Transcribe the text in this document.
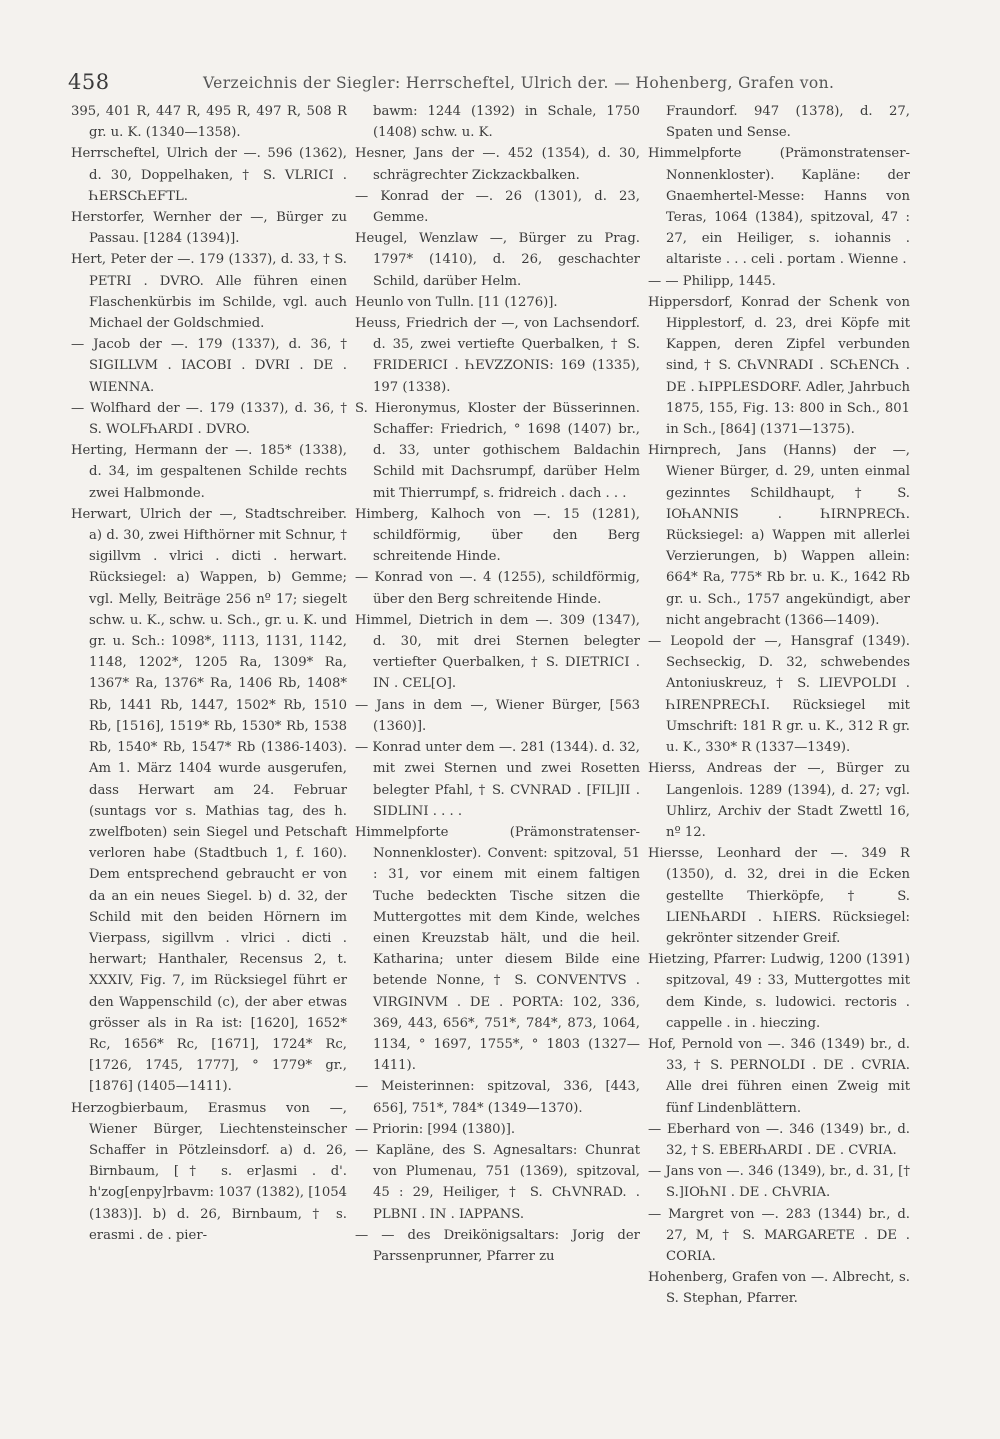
458	Verzeichnis der Siegler: Herrscheftel, Ulrich der. — Hohenberg, Grafen von.

395, 401 R, 447 R, 495 R, 497 R, 508 R gr. u. K. (1340—1358).

Herrscheftel, Ulrich der —. 596 (1362), d. 30, Doppelhaken, † S. VLRICI . ҺERSCҺEFTL.

Herstorfer, Wernher der —, Bürger zu Passau. [1284 (1394)].

Hert, Peter der —. 179 (1337), d. 33, † S. PETRI . DVRO. Alle führen einen Flaschenkürbis im Schilde, vgl. auch Michael der Goldschmied.

— Jacob der —. 179 (1337), d. 36, † SIGILLVM . IACOBI . DVRI . DE . WIENNA.

— Wolfhard der —. 179 (1337), d. 36, † S. WOLFҺARDI . DVRO.

Herting, Hermann der —. 185* (1338), d. 34, im gespaltenen Schilde rechts zwei Halbmonde.

Herwart, Ulrich der —, Stadtschreiber. a) d. 30, zwei Hifthörner mit Schnur, † sigillvm . vlrici . dicti . herwart. Rücksiegel: a) Wappen, b) Gemme; vgl. Melly, Beiträge 256 nº 17; siegelt schw. u. K., schw. u. Sch., gr. u. K. und gr. u. Sch.: 1098*, 1113, 1131, 1142, 1148, 1202*, 1205 Ra, 1309* Ra, 1367* Ra, 1376* Ra, 1406 Rb, 1408* Rb, 1441 Rb, 1447, 1502* Rb, 1510 Rb, [1516], 1519* Rb, 1530* Rb, 1538 Rb, 1540* Rb, 1547* Rb (1386-1403). Am 1. März 1404 wurde ausgerufen, dass Herwart am 24. Februar (suntags vor s. Mathias tag, des h. zwelfboten) sein Siegel und Petschaft verloren habe (Stadtbuch 1, f. 160). Dem entsprechend gebraucht er von da an ein neues Siegel. b) d. 32, der Schild mit den beiden Hörnern im Vierpass, sigillvm . vlrici . dicti . herwart; Hanthaler, Recensus 2, t. XXXIV, Fig. 7, im Rücksiegel führt er den Wappenschild (c), der aber etwas grösser als in Ra ist: [1620], 1652* Rc, 1656* Rc, [1671], 1724* Rc, [1726, 1745, 1777], ° 1779* gr., [1876] (1405—1411).

Herzogbierbaum, Erasmus von —, Wiener Bürger, Liechtensteinscher Schaffer in Pötzleinsdorf. a) d. 26, Birnbaum, [† s. er]asmi . d'. h'zog[enpy]rbavm: 1037 (1382), [1054 (1383)]. b) d. 26, Birnbaum, † s. erasmi . de . pier-

bawm: 1244 (1392) in Schale, 1750 (1408) schw. u. K.

Hesner, Jans der —. 452 (1354), d. 30, schrägrechter Zickzackbalken.

— Konrad der —. 26 (1301), d. 23, Gemme.

Heugel, Wenzlaw —, Bürger zu Prag. 1797* (1410), d. 26, geschachter Schild, darüber Helm.

Heunlo von Tulln. [11 (1276)].

Heuss, Friedrich der —, von Lachsendorf. d. 35, zwei vertiefte Querbalken, † S. FRIDERICI . ҺEVZZONIS: 169 (1335), 197 (1338).

S. Hieronymus, Kloster der Büsserinnen. Schaffer: Friedrich, ° 1698 (1407) br., d. 33, unter gothischem Baldachin Schild mit Dachsrumpf, darüber Helm mit Thierrumpf, s. fridreich . dach . . .

Himberg, Kalhoch von —. 15 (1281), schildförmig, über den Berg schreitende Hinde.

— Konrad von —. 4 (1255), schildförmig, über den Berg schreitende Hinde.

Himmel, Dietrich in dem —. 309 (1347), d. 30, mit drei Sternen belegter vertiefter Querbalken, † S. DIETRICI . IN . CEL[O].

— Jans in dem —, Wiener Bürger, [563 (1360)].

— Konrad unter dem —. 281 (1344). d. 32, mit zwei Sternen und zwei Rosetten belegter Pfahl, † S. CVNRAD . [FIL]II . SIDLINI . . . .

Himmelpforte (Prämonstratenser-Nonnenkloster). Convent: spitzoval, 51 : 31, vor einem mit einem faltigen Tuche bedeckten Tische sitzen die Muttergottes mit dem Kinde, welches einen Kreuzstab hält, und die heil. Katharina; unter diesem Bilde eine betende Nonne, † S. CONVENTVS . VIRGINVM . DE . PORTA: 102, 336, 369, 443, 656*, 751*, 784*, 873, 1064, 1134, ° 1697, 1755*, ° 1803 (1327—1411).

— Meisterinnen: spitzoval, 336, [443, 656], 751*, 784* (1349—1370).

— Priorin: [994 (1380)].

— Kapläne, des S. Agnesaltars: Chunrat von Plumenau, 751 (1369), spitzoval, 45 : 29, Heiliger, † S. CҺVNRAD. . PLBNI . IN . IAPPANS.

— — des Dreikönigsaltars: Jorig der Parssenprunner, Pfarrer zu

Fraundorf. 947 (1378), d. 27, Spaten und Sense.

Himmelpforte (Prämonstratenser-Nonnenkloster). Kapläne: der Gnaemhertel-Messe: Hanns von Teras, 1064 (1384), spitzoval, 47 : 27, ein Heiliger, s. iohannis . altariste . . . celi . portam . Wienne .

— — Philipp, 1445.

Hippersdorf, Konrad der Schenk von Hipplestorf, d. 23, drei Köpfe mit Kappen, deren Zipfel verbunden sind, † S. CҺVNRADI . SCҺENCҺ . DE . ҺIPPLESDORF. Adler, Jahrbuch 1875, 155, Fig. 13: 800 in Sch., 801 in Sch., [864] (1371—1375).

Hirnprech, Jans (Hanns) der —, Wiener Bürger, d. 29, unten einmal gezinntes Schildhaupt, † S. IOҺANNIS . ҺIRNPRECҺ. Rücksiegel: a) Wappen mit allerlei Verzierungen, b) Wappen allein: 664* Ra, 775* Rb br. u. K., 1642 Rb gr. u. Sch., 1757 angekündigt, aber nicht angebracht (1366—1409).

— Leopold der —, Hansgraf (1349). Sechseckig, D. 32, schwebendes Antoniuskreuz, † S. LIEVPOLDI . ҺIRENPRECҺI. Rücksiegel mit Umschrift: 181 R gr. u. K., 312 R gr. u. K., 330* R (1337—1349).

Hierss, Andreas der —, Bürger zu Langenlois. 1289 (1394), d. 27; vgl. Uhlirz, Archiv der Stadt Zwettl 16, nº 12.

Hiersse, Leonhard der —. 349 R (1350), d. 32, drei in die Ecken gestellte Thierköpfe, † S. LIENҺARDI . ҺIERS. Rücksiegel: gekrönter sitzender Greif.

Hietzing, Pfarrer: Ludwig, 1200 (1391) spitzoval, 49 : 33, Muttergottes mit dem Kinde, s. ludowici. rectoris . cappelle . in . hieczing.

Hof, Pernold von —. 346 (1349) br., d. 33, † S. PERNOLDI . DE . CVRIA. Alle drei führen einen Zweig mit fünf Lindenblättern.

— Eberhard von —. 346 (1349) br., d. 32, † S. EBERҺARDI . DE . CVRIA.

— Jans von —. 346 (1349), br., d. 31, [† S.]IOҺNI . DE . CҺVRIA.

— Margret von —. 283 (1344) br., d. 27, M, † S. MARGARETE . DE . CORIA.

Hohenberg, Grafen von —. Albrecht, s. S. Stephan, Pfarrer.
